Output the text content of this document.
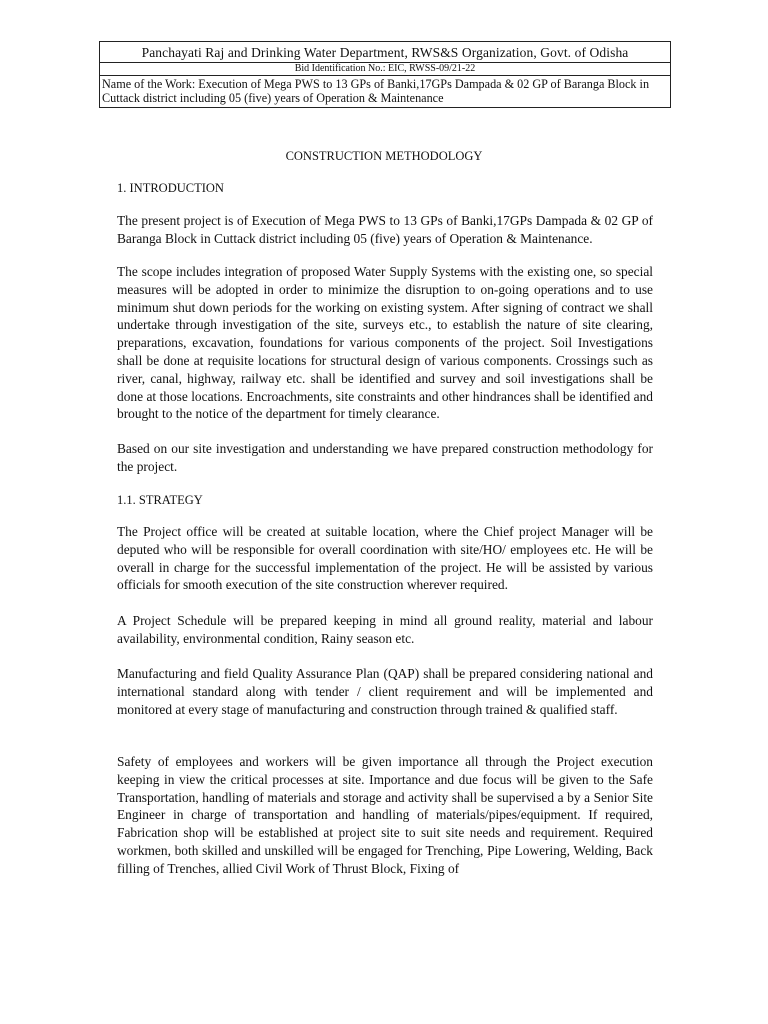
Panchayati Raj and Drinking Water Department, RWS&S Organization, Govt. of Odisha
Bid Identification No.: EIC, RWSS-09/21-22
Name of the Work: Execution of Mega PWS to 13 GPs of Banki,17GPs Dampada & 02 GP of Baranga Block in Cuttack district including 05 (five) years of Operation & Maintenance
CONSTRUCTION METHODOLOGY
1. INTRODUCTION
The present project is of Execution of Mega PWS to 13 GPs of Banki,17GPs Dampada & 02 GP of Baranga Block in Cuttack district including 05 (five) years of Operation & Maintenance.
The scope includes integration of proposed Water Supply Systems with the existing one, so special measures will be adopted in order to minimize the disruption to on-going operations and to use minimum shut down periods for the working on existing system. After signing of contract we shall undertake through investigation of the site, surveys etc., to establish the nature of site clearing, preparations, excavation, foundations for various components of the project. Soil Investigations shall be done at requisite locations for structural design of various components. Crossings such as river, canal, highway, railway etc. shall be identified and survey and soil investigations shall be done at those locations. Encroachments, site constraints and other hindrances shall be identified and brought to the notice of the department for timely clearance.
Based on our site investigation and understanding we have prepared construction methodology for the project.
1.1. STRATEGY
The Project office will be created at suitable location, where the Chief project Manager will be deputed who will be responsible for overall coordination with site/HO/ employees etc. He will be overall in charge for the successful implementation of the project. He will be assisted by various officials for smooth execution of the site construction wherever required.
A Project Schedule will be prepared keeping in mind all ground reality, material and labour availability, environmental condition, Rainy season etc.
Manufacturing and field Quality Assurance Plan (QAP) shall be prepared considering national and international standard along with tender / client requirement and will be implemented and monitored at every stage of manufacturing and construction through trained & qualified staff.
Safety of employees and workers will be given importance all through the Project execution keeping in view the critical processes at site. Importance and due focus will be given to the Safe Transportation, handling of materials and storage and activity shall be supervised a by a Senior Site Engineer in charge of transportation and handling of materials/pipes/equipment. If required, Fabrication shop will be established at project site to suit site needs and requirement. Required workmen, both skilled and unskilled will be engaged for Trenching, Pipe Lowering, Welding, Back filling of Trenches, allied Civil Work of Thrust Block, Fixing of
